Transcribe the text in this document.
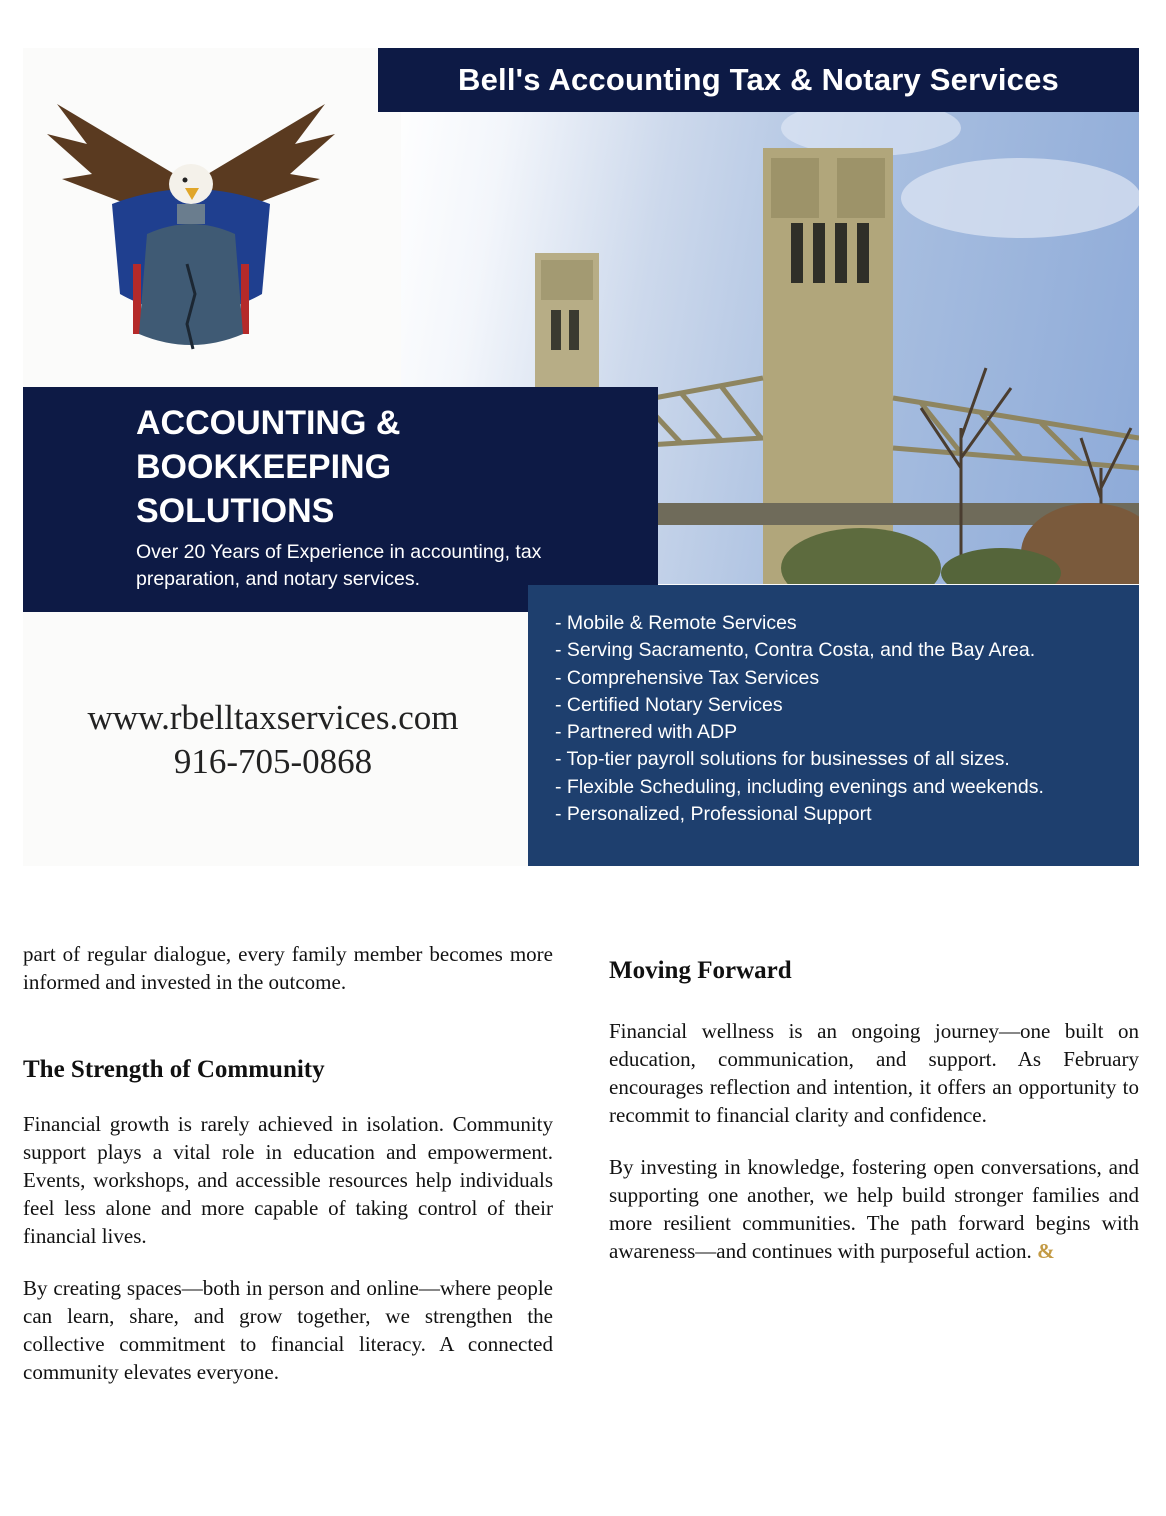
Bell's Accounting Tax & Notary Services
ACCOUNTING & BOOKKEEPING SOLUTIONS

Over 20 Years of Experience in accounting, tax preparation, and notary services.

www.rbelltaxservices.com
916-705-0868
- Mobile & Remote Services
- Serving Sacramento, Contra Costa, and the Bay Area.
- Comprehensive Tax Services
- Certified Notary Services
- Partnered with ADP
- Top-tier payroll solutions for businesses of all sizes.
- Flexible Scheduling, including evenings and weekends.
- Personalized, Professional Support

part of regular dialogue, every family member becomes more informed and invested in the outcome.

The Strength of Community

Financial growth is rarely achieved in isolation. Community support plays a vital role in education and empowerment. Events, workshops, and accessible resources help individuals feel less alone and more capable of taking control of their financial lives.

By creating spaces—both in person and online—where people can learn, share, and grow together, we strengthen the collective commitment to financial literacy. A connected community elevates everyone.

Moving Forward

Financial wellness is an ongoing journey—one built on education, communication, and support. As February encourages reflection and intention, it offers an opportunity to recommit to financial clarity and confidence.

By investing in knowledge, fostering open conversations, and supporting one another, we help build stronger families and more resilient communities. The path forward begins with awareness—and continues with purposeful action. &
